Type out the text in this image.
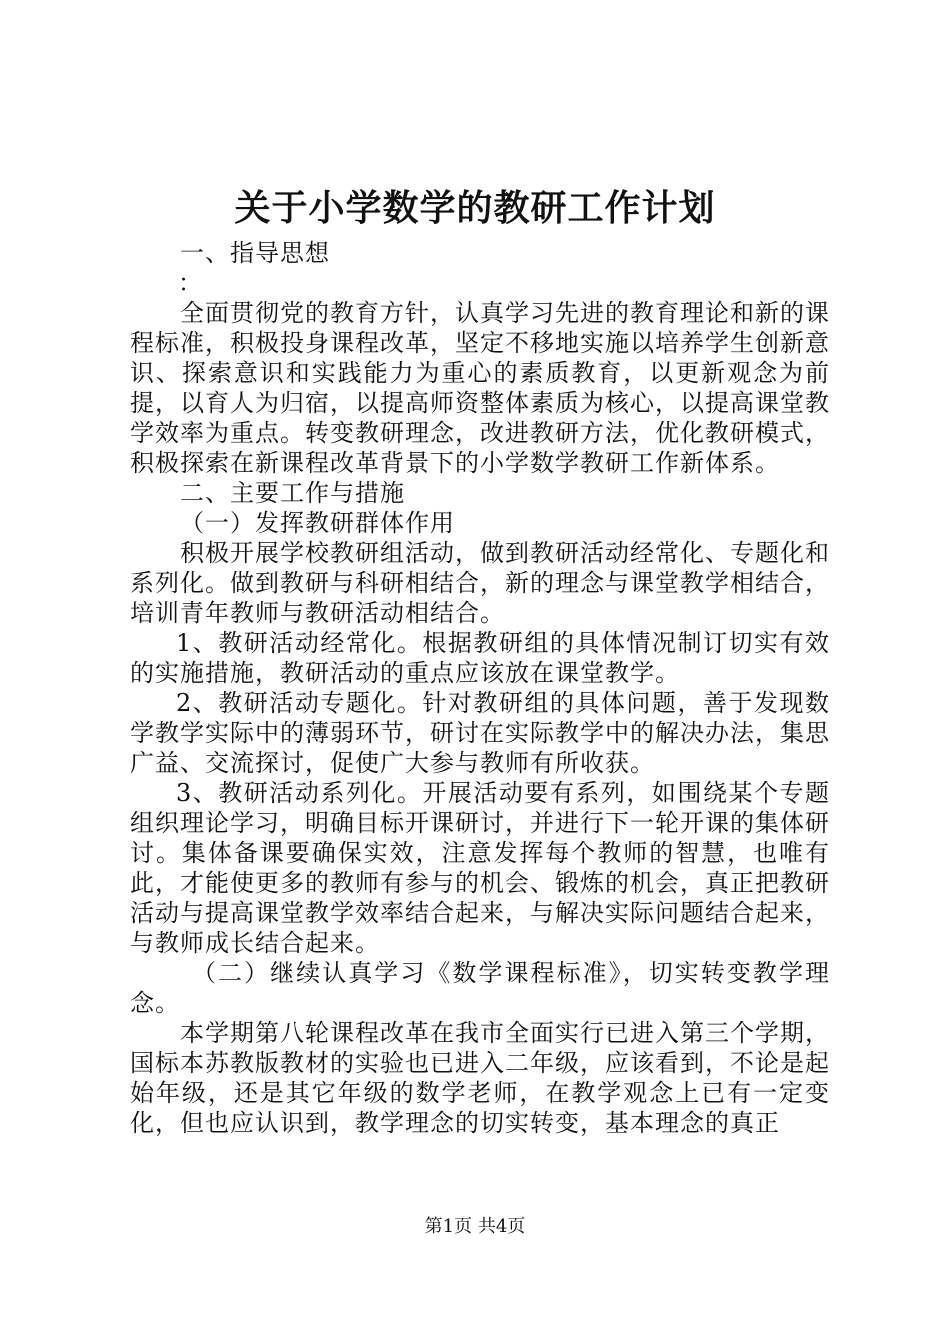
关于小学数学的教研工作计划

一、指导思想

：

全面贯彻党的教育方针，认真学习先进的教育理论和新的课程标准，积极投身课程改革，坚定不移地实施以培养学生创新意识、探索意识和实践能力为重心的素质教育，以更新观念为前提，以育人为归宿，以提高师资整体素质为核心，以提高课堂教学效率为重点。转变教研理念，改进教研方法，优化教研模式，积极探索在新课程改革背景下的小学数学教研工作新体系。

二、主要工作与措施

（一）发挥教研群体作用

积极开展学校教研组活动，做到教研活动经常化、专题化和系列化。做到教研与科研相结合，新的理念与课堂教学相结合，培训青年教师与教研活动相结合。

1、教研活动经常化。根据教研组的具体情况制订切实有效的实施措施，教研活动的重点应该放在课堂教学。

2、教研活动专题化。针对教研组的具体问题，善于发现数学教学实际中的薄弱环节，研讨在实际教学中的解决办法，集思广益、交流探讨，促使广大参与教师有所收获。

3、教研活动系列化。开展活动要有系列，如围绕某个专题组织理论学习，明确目标开课研讨，并进行下一轮开课的集体研讨。集体备课要确保实效，注意发挥每个教师的智慧，也唯有此，才能使更多的教师有参与的机会、锻炼的机会，真正把教研活动与提高课堂教学效率结合起来，与解决实际问题结合起来，与教师成长结合起来。

（二）继续认真学习《数学课程标准》，切实转变教学理念。

本学期第八轮课程改革在我市全面实行已进入第三个学期，国标本苏教版教材的实验也已进入二年级，应该看到，不论是起始年级，还是其它年级的数学老师，在教学观念上已有一定变化，但也应认识到，教学理念的切实转变，基本理念的真正

第1页 共4页
